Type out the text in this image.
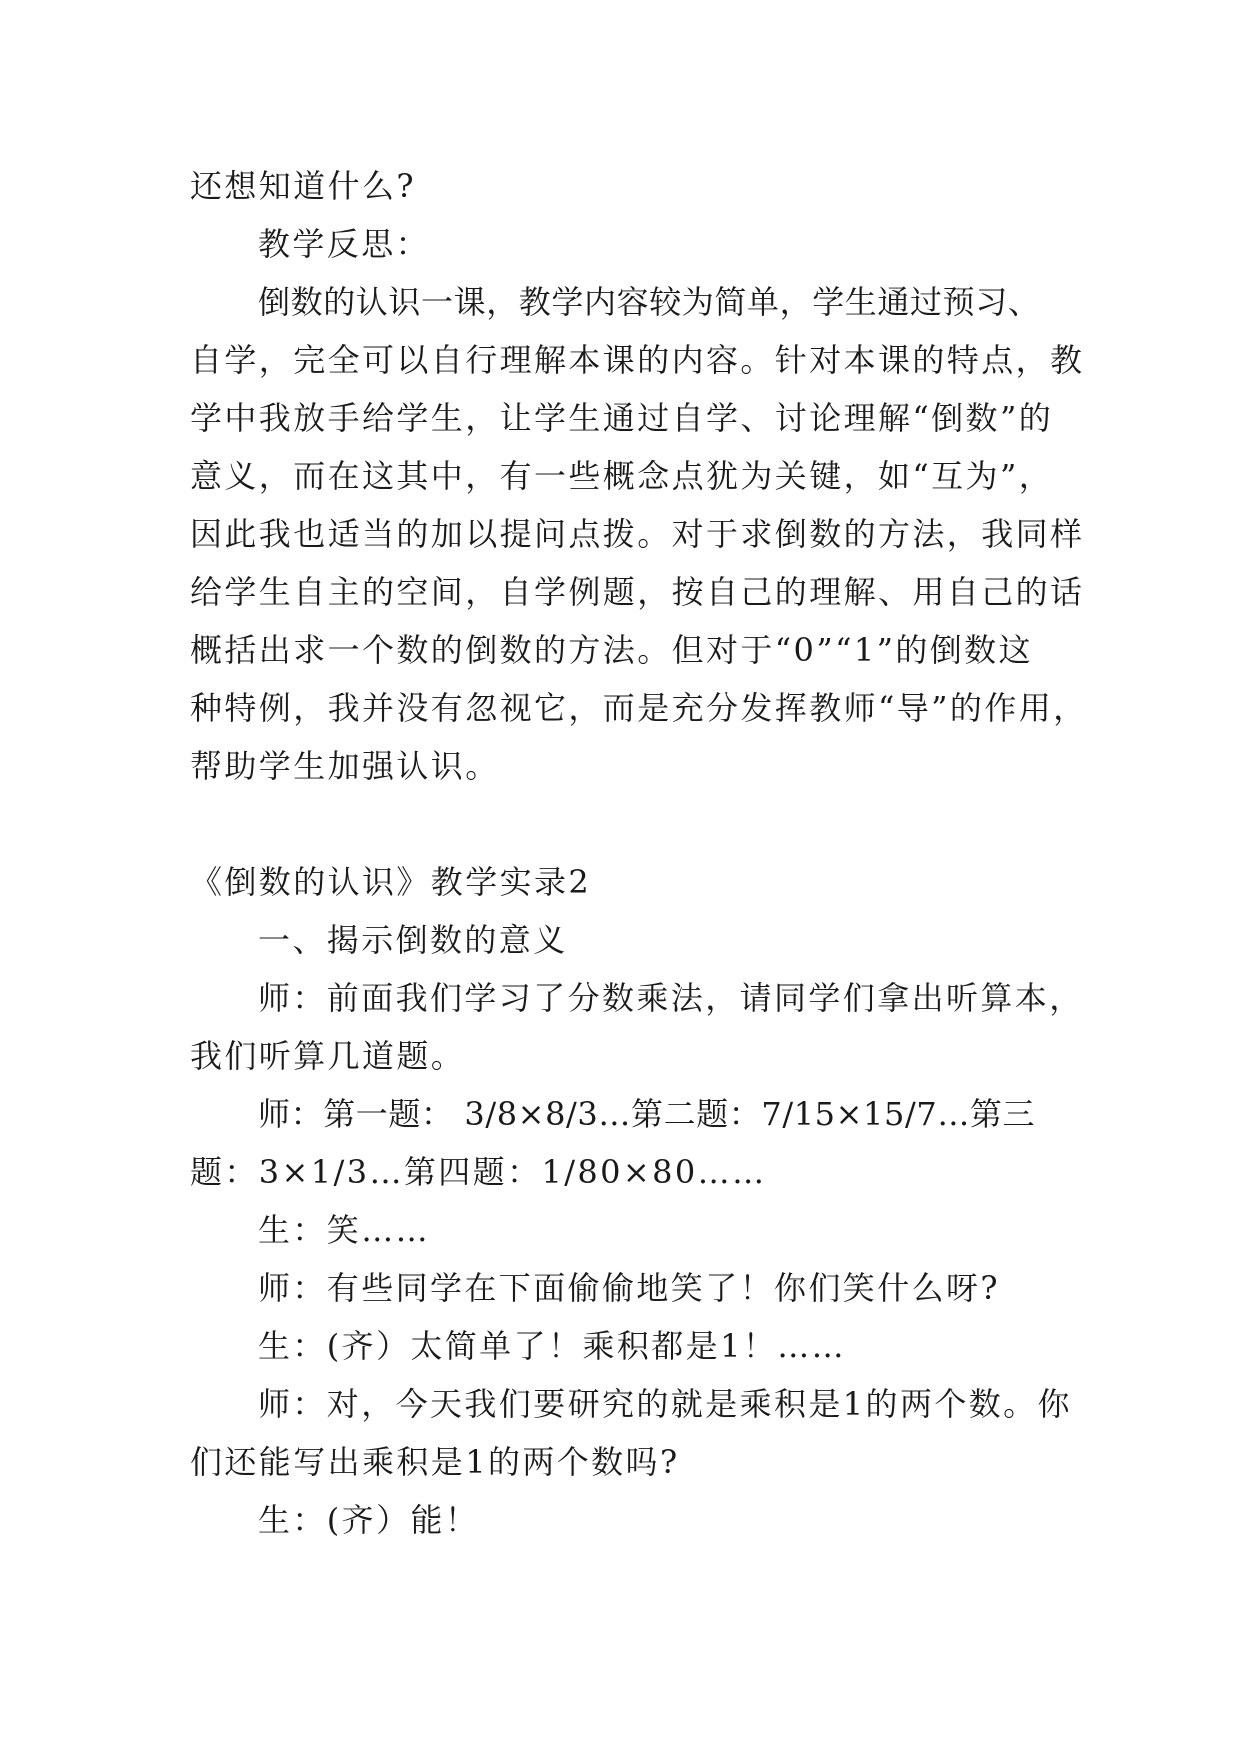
还想知道什么?
教学反思：
倒数的认识一课，教学内容较为简单，学生通过预习、
自学，完全可以自行理解本课的内容。针对本课的特点，教
学中我放手给学生，让学生通过自学、讨论理解“倒数”的
意义，而在这其中，有一些概念点犹为关键，如“互为”，
因此我也适当的加以提问点拨。对于求倒数的方法，我同样
给学生自主的空间，自学例题，按自己的理解、用自己的话
概括出求一个数的倒数的方法。但对于“0”“1”的倒数这
种特例，我并没有忽视它，而是充分发挥教师“导”的作用，
帮助学生加强认识。
《倒数的认识》教学实录2
一、揭示倒数的意义
师：前面我们学习了分数乘法，请同学们拿出听算本，
我们听算几道题。
师：第一题： 3/8×8/3…第二题：7/15×15/7…第三
题：3×1/3…第四题：1/80×80……
生：笑……
师：有些同学在下面偷偷地笑了！你们笑什么呀?
生：(齐）太简单了！乘积都是1！……
师：对，今天我们要研究的就是乘积是1的两个数。你
们还能写出乘积是1的两个数吗?
生：(齐）能！
